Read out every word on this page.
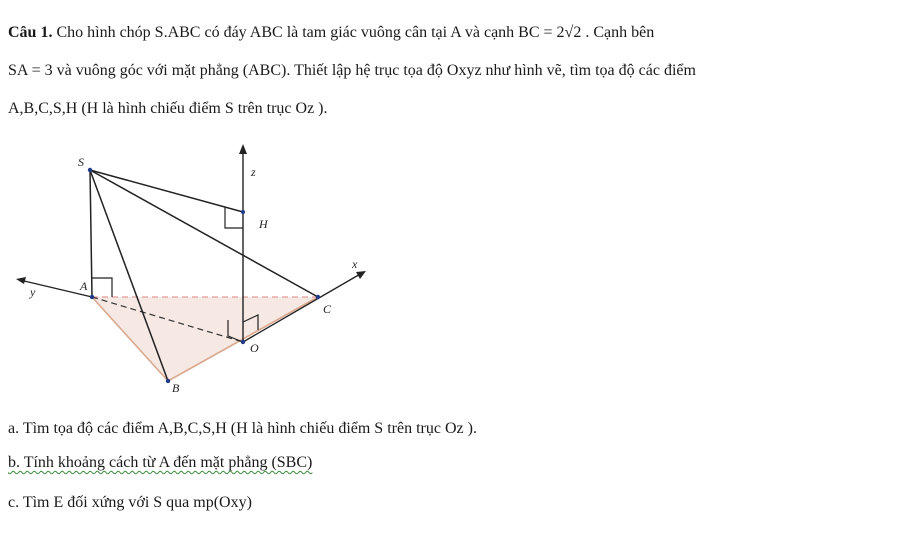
Câu 1. Cho hình chóp S.ABC có đáy ABC là tam giác vuông cân tại A và cạnh BC = 2√2 . Cạnh bên
SA = 3 và vuông góc với mặt phẳng (ABC). Thiết lập hệ trục tọa độ Oxyz như hình vẽ, tìm tọa độ các điểm
A,B,C,S,H (H là hình chiếu điểm S trên trục Oz ).
S
A
B
C
O
H
x
y
z
a. Tìm tọa độ các điểm A,B,C,S,H (H là hình chiếu điểm S trên trục Oz ).
b. Tính khoảng cách từ A đến mặt phẳng (SBC)
c. Tìm E đối xứng với S qua mp(Oxy)
